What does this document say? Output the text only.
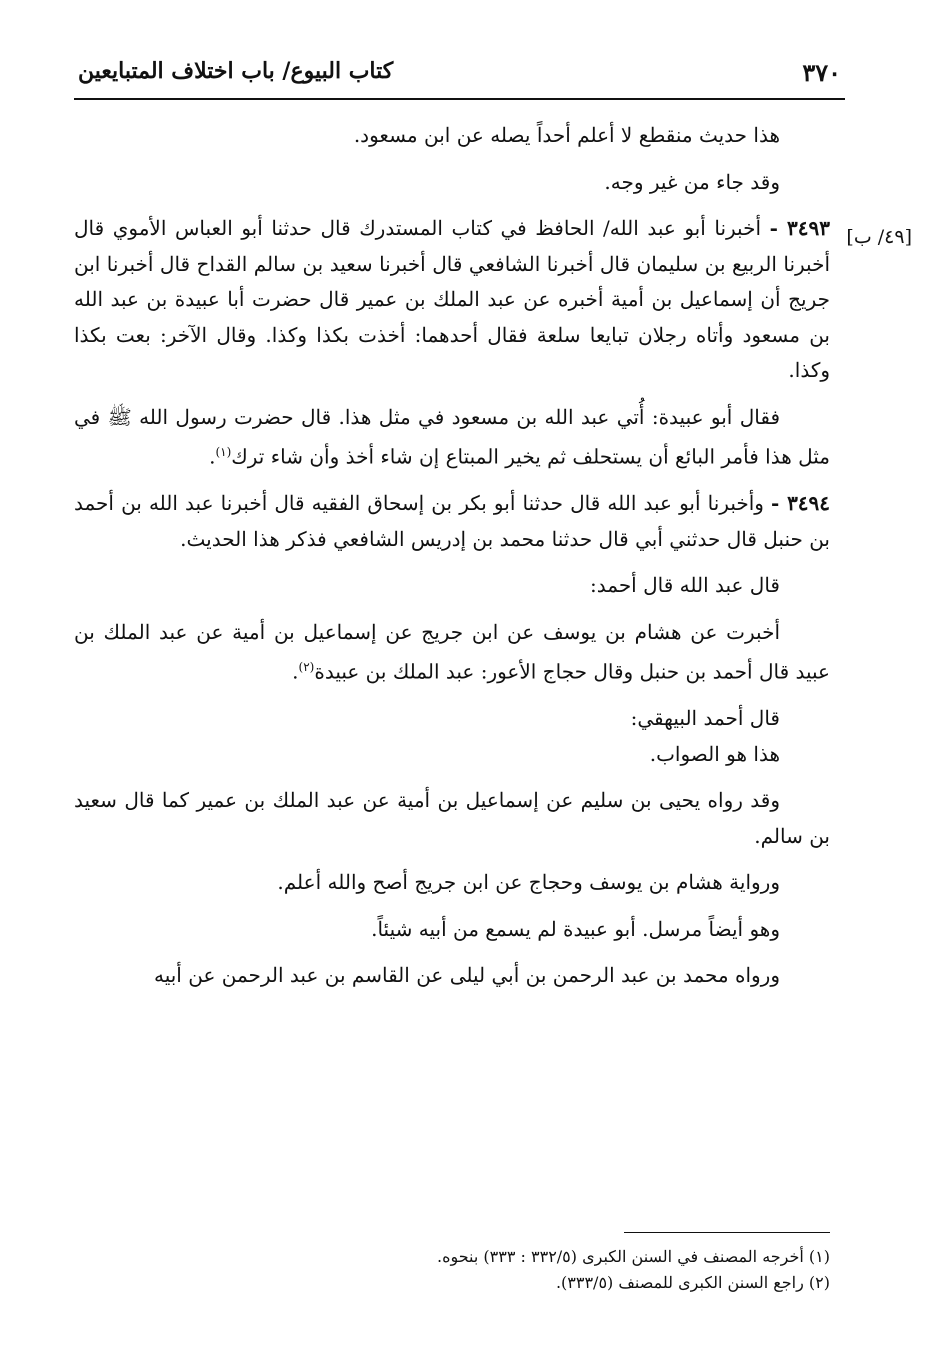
٣٧٠
كتاب البيوع/ باب اختلاف المتبايعين
[٤٩/ ب]

هذا حديث منقطع لا أعلم أحداً يصله عن ابن مسعود.

وقد جاء من غير وجه.

٣٤٩٣ - أخبرنا أبو عبد الله/ الحافظ في كتاب المستدرك قال حدثنا أبو العباس الأموي قال أخبرنا الربيع بن سليمان قال أخبرنا الشافعي قال أخبرنا سعيد بن سالم القداح قال أخبرنا ابن جريج أن إسماعيل بن أمية أخبره عن عبد الملك بن عمير قال حضرت أبا عبيدة بن عبد الله بن مسعود وأتاه رجلان تبايعا سلعة فقال أحدهما: أخذت بكذا وكذا. وقال الآخر: بعت بكذا وكذا.

فقال أبو عبيدة: أُتي عبد الله بن مسعود في مثل هذا. قال حضرت رسول الله ﷺ في مثل هذا فأمر البائع أن يستحلف ثم يخير المبتاع إن شاء أخذ وأن شاء ترك$^{(١)}$.

٣٤٩٤ - وأخبرنا أبو عبد الله قال حدثنا أبو بكر بن إسحاق الفقيه قال أخبرنا عبد الله بن أحمد بن حنبل قال حدثني أبي قال حدثنا محمد بن إدريس الشافعي فذكر هذا الحديث.

قال عبد الله قال أحمد:

أخبرت عن هشام بن يوسف عن ابن جريج عن إسماعيل بن أمية عن عبد الملك بن عبيد قال أحمد بن حنبل وقال حجاج الأعور: عبد الملك بن عبيدة$^{(٢)}$.

قال أحمد البيهقي:

هذا هو الصواب.

وقد رواه يحيى بن سليم عن إسماعيل بن أمية عن عبد الملك بن عمير كما قال سعيد بن سالم.

ورواية هشام بن يوسف وحجاج عن ابن جريج أصح والله أعلم.

وهو أيضاً مرسل. أبو عبيدة لم يسمع من أبيه شيئاً.

ورواه محمد بن عبد الرحمن بن أبي ليلى عن القاسم بن عبد الرحمن عن أبيه

(١) أخرجه المصنف في السنن الكبرى (٣٣٢/٥ : ٣٣٣) بنحوه.

(٢) راجع السنن الكبرى للمصنف (٣٣٣/٥).
